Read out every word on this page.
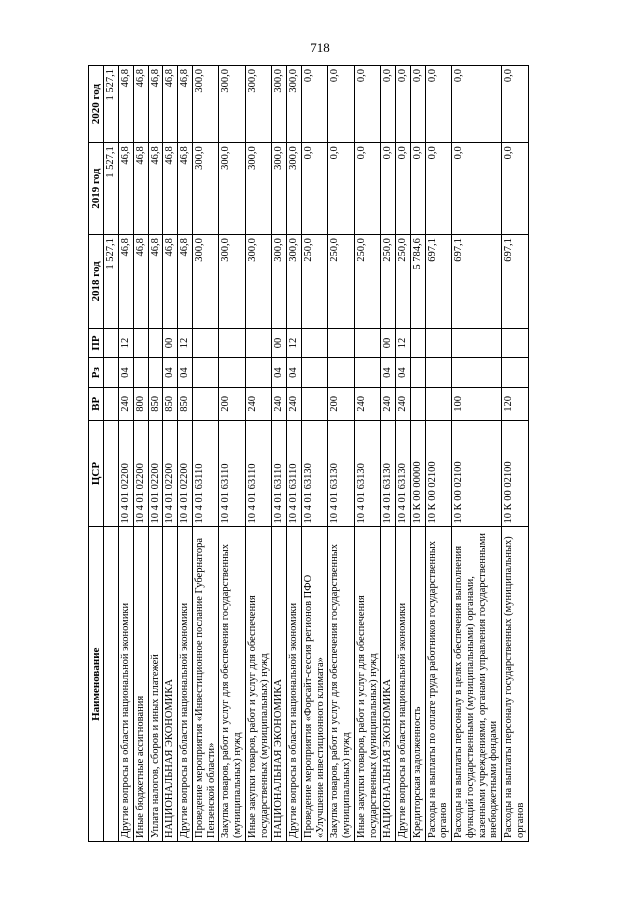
718
Наименование	ЦСР	ВР	Рз	ПР	2018 год	2019 год	2020 год
					1 527,1	1 527,1	1 527,1
Другие вопросы в области национальной экономики	10 4 01 02200	240	04	12	46,8	46,8	46,8
Иные бюджетные ассигнования	10 4 01 02200	800			46,8	46,8	46,8
Уплата налогов, сборов и иных платежей	10 4 01 02200	850			46,8	46,8	46,8
НАЦИОНАЛЬНАЯ ЭКОНОМИКА	10 4 01 02200	850	04	00	46,8	46,8	46,8
Другие вопросы в области национальной экономики	10 4 01 02200	850	04	12	46,8	46,8	46,8
Проведение мероприятия «Инвестиционное послание Губернатора Пензенской области»	10 4 01 63110				300,0	300,0	300,0
Закупка товаров, работ и услуг для обеспечения государственных (муниципальных) нужд	10 4 01 63110	200			300,0	300,0	300,0
Иные закупки товаров, работ и услуг для обеспечения государственных (муниципальных) нужд	10 4 01 63110	240			300,0	300,0	300,0
НАЦИОНАЛЬНАЯ ЭКОНОМИКА	10 4 01 63110	240	04	00	300,0	300,0	300,0
Другие вопросы в области национальной экономики	10 4 01 63110	240	04	12	300,0	300,0	300,0
Проведение мероприятия «Форсайт-сессия регионов ПФО «Улучшение инвестиционного климата»	10 4 01 63130				250,0	0,0	0,0
Закупка товаров, работ и услуг для обеспечения государственных (муниципальных) нужд	10 4 01 63130	200			250,0	0,0	0,0
Иные закупки товаров, работ и услуг для обеспечения государственных (муниципальных) нужд	10 4 01 63130	240			250,0	0,0	0,0
НАЦИОНАЛЬНАЯ ЭКОНОМИКА	10 4 01 63130	240	04	00	250,0	0,0	0,0
Другие вопросы в области национальной экономики	10 4 01 63130	240	04	12	250,0	0,0	0,0
Кредиторская задолженность	10 К 00 00000				5 784,6	0,0	0,0
Расходы на выплаты по оплате труда работников государственных органов	10 К 00 02100				697,1	0,0	0,0
Расходы на выплаты персоналу в целях обеспечения выполнения функций государственными (муниципальными) органами, казенными учреждениями, органами управления государственными внебюджетными фондами	10 К 00 02100	100			697,1	0,0	0,0
Расходы на выплаты персоналу государственных (муниципальных) органов	10 К 00 02100	120			697,1	0,0	0,0
